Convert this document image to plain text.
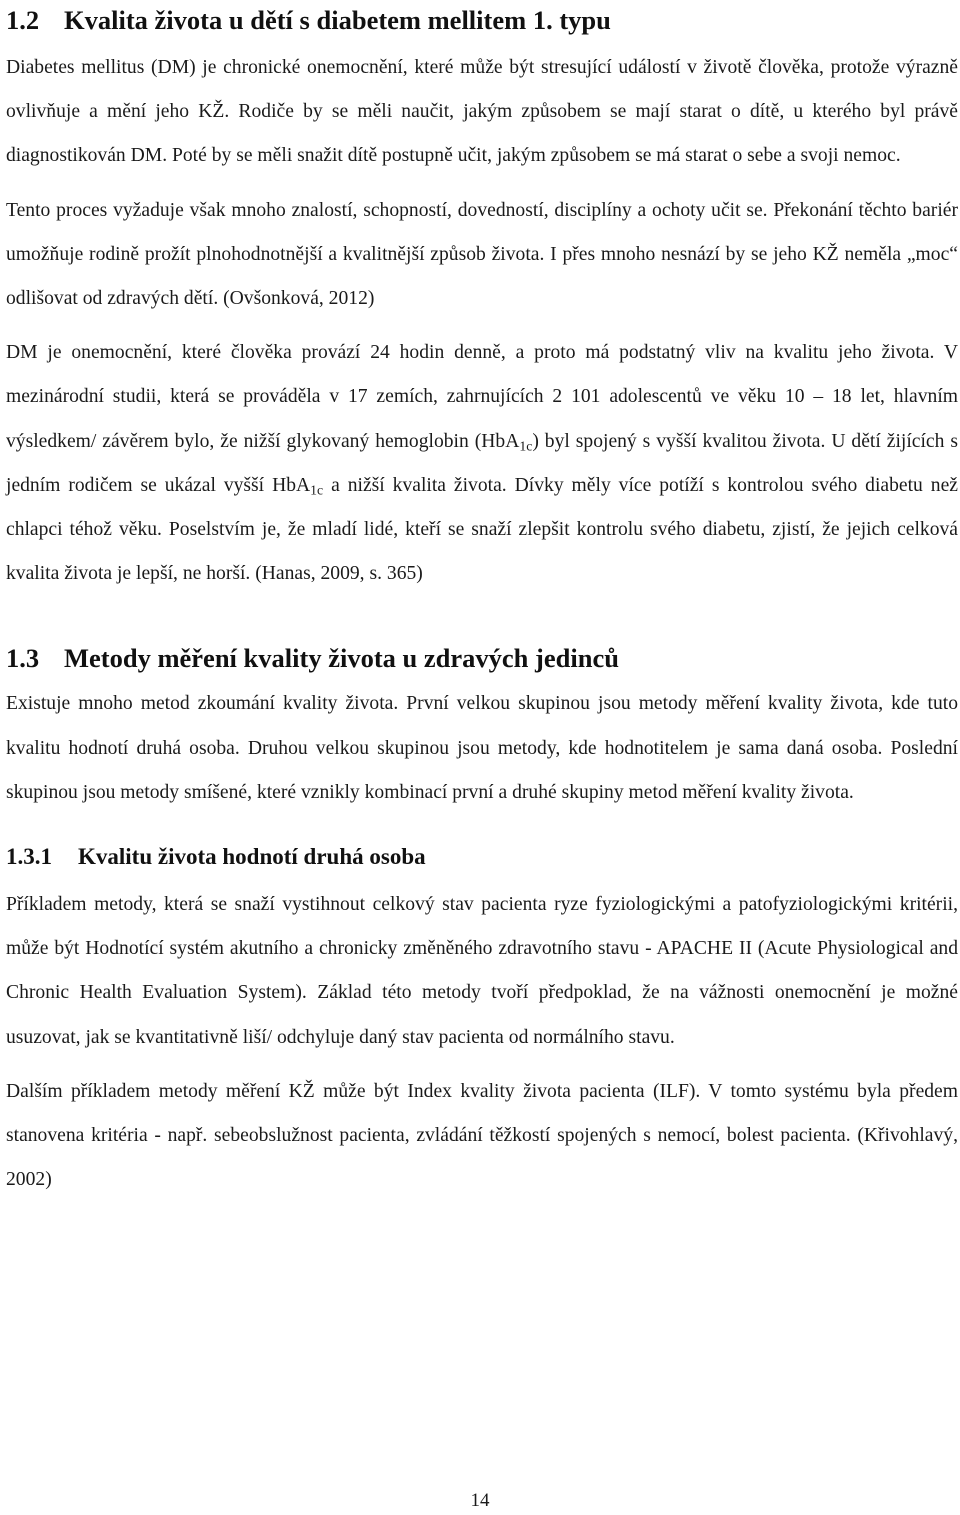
1.2 Kvalita života u dětí s diabetem mellitem 1. typu

Diabetes mellitus (DM) je chronické onemocnění, které může být stresující událostí v životě člověka, protože výrazně ovlivňuje a mění jeho KŽ. Rodiče by se měli naučit, jakým způsobem se mají starat o dítě, u kterého byl právě diagnostikován DM. Poté by se měli snažit dítě postupně učit, jakým způsobem se má starat o sebe a svoji nemoc.

Tento proces vyžaduje však mnoho znalostí, schopností, dovedností, disciplíny a ochoty učit se. Překonání těchto bariér umožňuje rodině prožít plnohodnotnější a kvalitnější způsob života. I přes mnoho nesnází by se jeho KŽ neměla „moc“ odlišovat od zdravých dětí. (Ovšonková, 2012)

DM je onemocnění, které člověka provází 24 hodin denně, a proto má podstatný vliv na kvalitu jeho života. V mezinárodní studii, která se prováděla v 17 zemích, zahrnujících 2 101 adolescentů ve věku 10 – 18 let, hlavním výsledkem/ závěrem bylo, že nižší glykovaný hemoglobin (HbA$_{1c}$) byl spojený s vyšší kvalitou života. U dětí žijících s jedním rodičem se ukázal vyšší HbA$_{1c}$ a nižší kvalita života. Dívky měly více potíží s kontrolou svého diabetu než chlapci téhož věku. Poselstvím je, že mladí lidé, kteří se snaží zlepšit kontrolu svého diabetu, zjistí, že jejich celková kvalita života je lepší, ne horší. (Hanas, 2009, s. 365)

1.3 Metody měření kvality života u zdravých jedinců

Existuje mnoho metod zkoumání kvality života. První velkou skupinou jsou metody měření kvality života, kde tuto kvalitu hodnotí druhá osoba. Druhou velkou skupinou jsou metody, kde hodnotitelem je sama daná osoba. Poslední skupinou jsou metody smíšené, které vznikly kombinací první a druhé skupiny metod měření kvality života.

1.3.1 Kvalitu života hodnotí druhá osoba

Příkladem metody, která se snaží vystihnout celkový stav pacienta ryze fyziologickými a patofyziologickými kritérii, může být Hodnotící systém akutního a chronicky změněného zdravotního stavu - APACHE II (Acute Physiological and Chronic Health Evaluation System). Základ této metody tvoří předpoklad, že na vážnosti onemocnění je možné usuzovat, jak se kvantitativně liší/ odchyluje daný stav pacienta od normálního stavu.

Dalším příkladem metody měření KŽ může být Index kvality života pacienta (ILF). V tomto systému byla předem stanovena kritéria - např. sebeobslužnost pacienta, zvládání těžkostí spojených s nemocí, bolest pacienta. (Křivohlavý, 2002)

14
